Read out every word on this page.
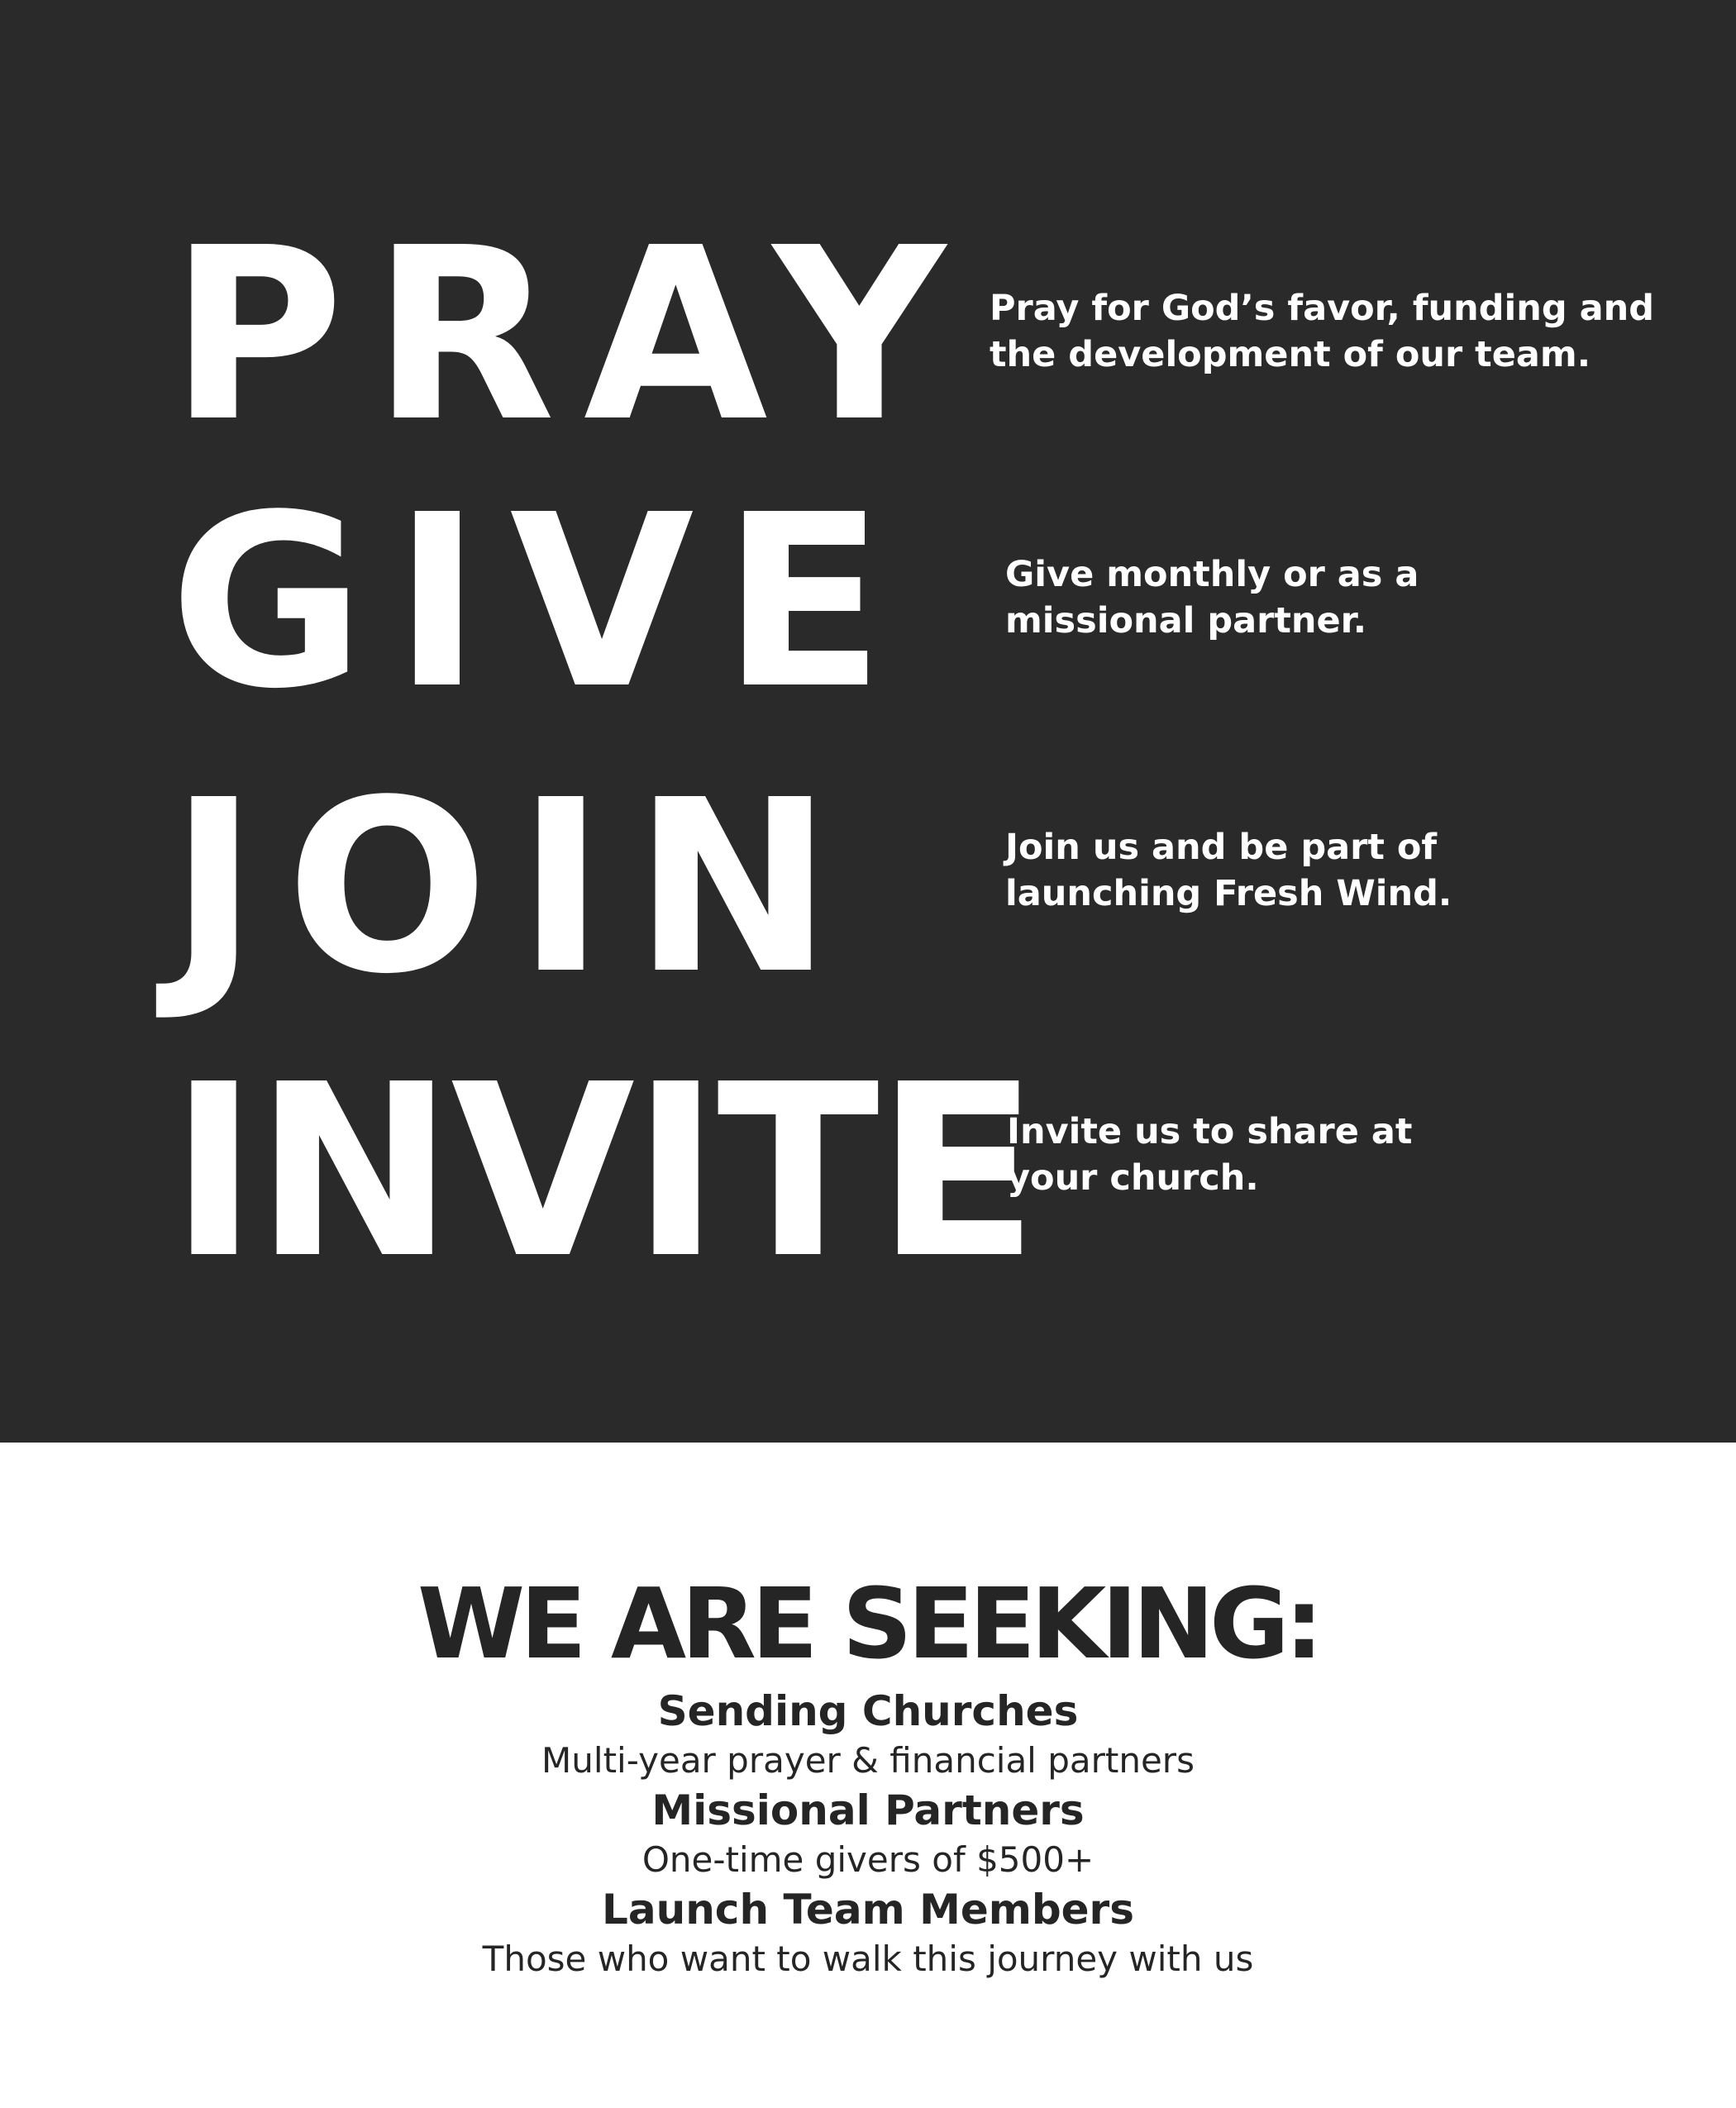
PRAY Pray for God’s favor, funding and
the development of our team.

GIVE	Give monthly or as a
missional partner.

JOIN	Join us and be part of
launching Fresh Wind.

INVITE

Invite us to share at
your church.

WE ARE SEEKING:

Sending Churches

Multi-year prayer & financial partners

Missional Partners

One-time givers of $500+

Launch Team Members

Those who want to walk this journey with us
